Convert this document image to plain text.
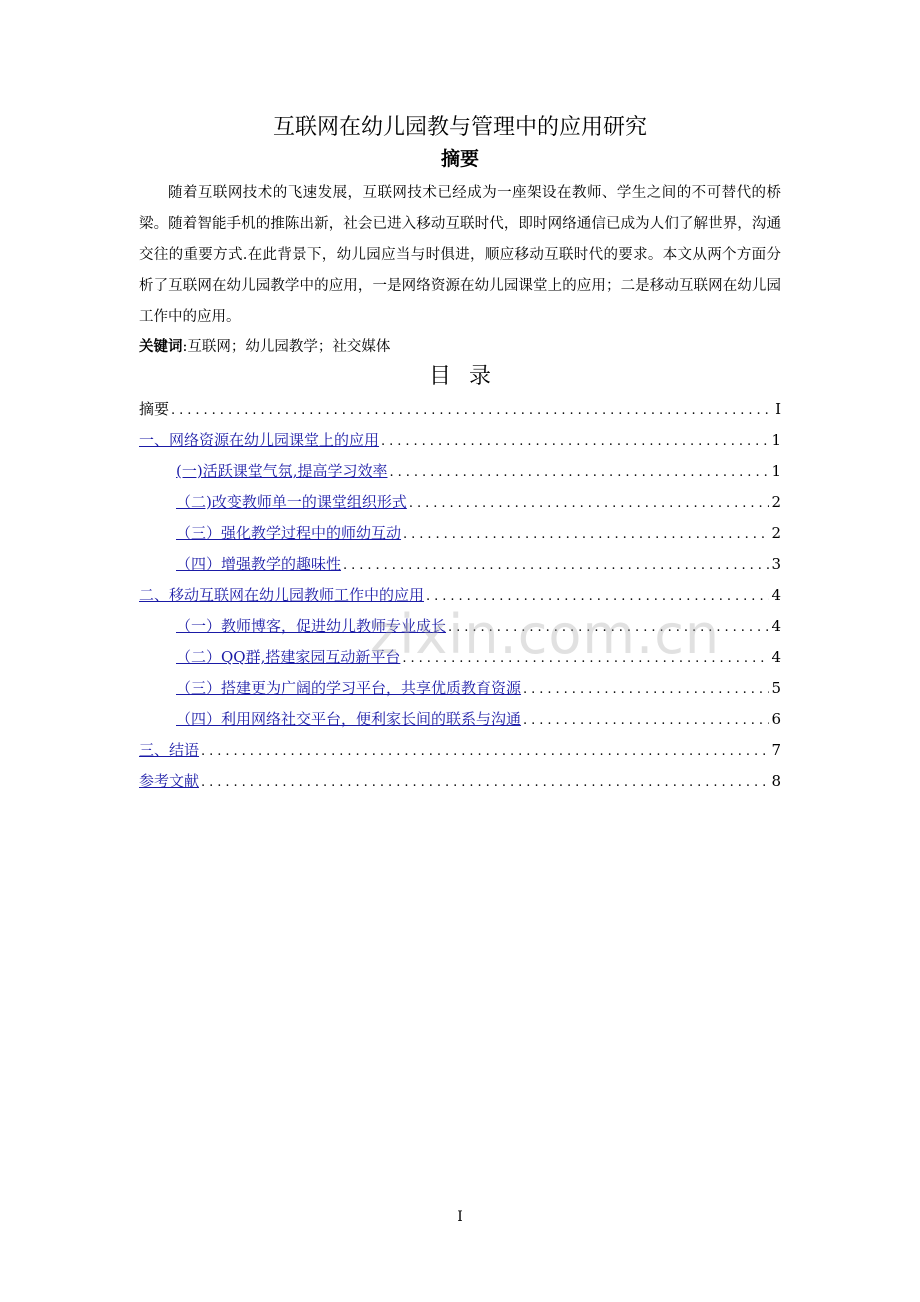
互联网在幼儿园教与管理中的应用研究
摘要

随着互联网技术的飞速发展，互联网技术已经成为一座架设在教师、学生之间的不可替代的桥梁。随着智能手机的推陈出新，社会已进入移动互联时代，即时网络通信已成为人们了解世界，沟通交往的重要方式.在此背景下，幼儿园应当与时俱进，顺应移动互联时代的要求。本文从两个方面分析了互联网在幼儿园教学中的应用，一是网络资源在幼儿园课堂上的应用；二是移动互联网在幼儿园工作中的应用。

关键词:互联网；幼儿园教学；社交媒体
目录
摘要 .....	I
一、网络资源在幼儿园课堂上的应用 .....	1
(一)活跃课堂气氛,提高学习效率 .....	1
（二)改变教师单一的课堂组织形式 .....	2
（三）强化教学过程中的师幼互动 .....	2
（四）增强教学的趣味性 .....	3
二、移动互联网在幼儿园教师工作中的应用 .....	4
（一）教师博客，促进幼儿教师专业成长 .....	4
（二）QQ群,搭建家园互动新平台 .....	4
（三）搭建更为广阔的学习平台，共享优质教育资源 .....	5
（四）利用网络社交平台，便利家长间的联系与沟通 .....	6
三、结语 .....	7
参考文献 .....	8
zixin.com.cn
I
